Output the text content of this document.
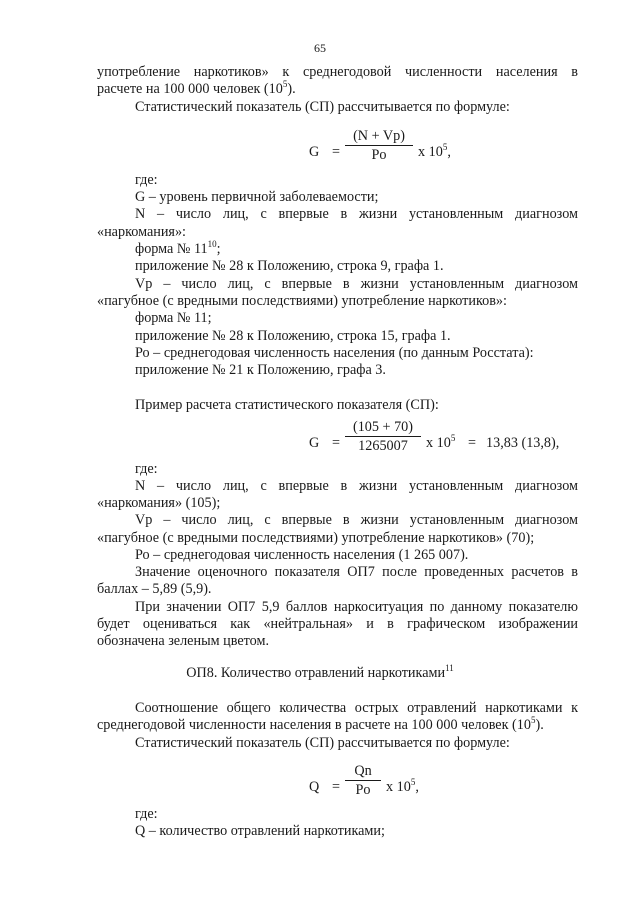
65
употребление наркотиков» к среднегодовой численности населения в
расчете на 100 000 человек $(10^5)$.
Статистический показатель (СП) рассчитывается по формуле:
G =
(N + Vp)
Po x $10^5$,
где:
G – уровень первичной заболеваемости;
N – число лиц, с впервые в жизни установленным диагнозом
«наркомания»:
форма № $11^{10}$;
приложение № 28 к Положению, строка 9, графа 1.
Vp – число лиц, с впервые в жизни установленным диагнозом
«пагубное (с вредными последствиями) употребление наркотиков»:
форма № 11;
приложение № 28 к Положению, строка 15, графа 1.
Ро – среднегодовая численность населения (по данным Росстата):
приложение № 21 к Положению, графа 3.
Пример расчета статистического показателя (СП):
G =
(105 + 70)
1265007 x $10^5 = 13,83$ (13,8),
где:
N – число лиц, с впервые в жизни установленным диагнозом
«наркомания» (105);
Vp – число лиц, с впервые в жизни установленным диагнозом
«пагубное (с вредными последствиями) употребление наркотиков» (70);
Ро – среднегодовая численность населения (1 265 007).
Значение оценочного показателя ОП7 после проведенных расчетов в
баллах – 5,89 (5,9).
При значении ОП7 5,9 баллов наркоситуация по данному показателю
будет оцениваться как «нейтральная» и в графическом изображении
обозначена зеленым цветом.
ОП8. Количество отравлений наркотиками$^{11}$
Соотношение общего количества острых отравлений наркотиками к
среднегодовой численности населения в расчете на 100 000 человек $(10^5)$.
Статистический показатель (СП) рассчитывается по формуле:
Q =
Qn
Po x $10^5$,
где:
Q – количество отравлений наркотиками;
